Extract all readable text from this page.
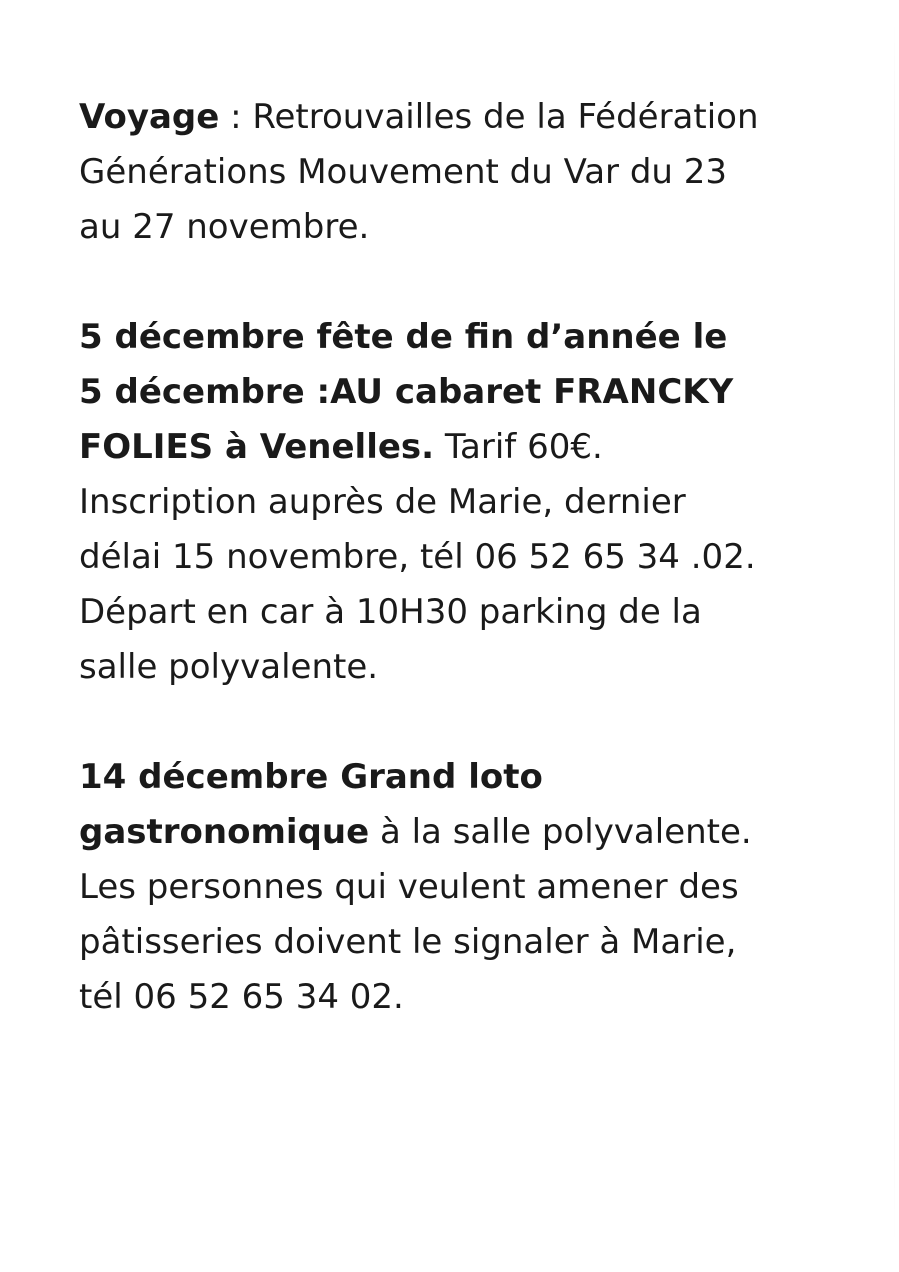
Voyage : Retrouvailles de la Fédération
Générations Mouvement du Var du 23
au 27 novembre.
5 décembre fête de fin d’année le
5 décembre :AU cabaret FRANCKY
FOLIES à Venelles. Tarif 60€.
Inscription auprès de Marie, dernier
délai 15 novembre, tél 06 52 65 34 .02.
Départ en car à 10H30 parking de la
salle polyvalente.
14 décembre Grand loto
gastronomique à la salle polyvalente.
Les personnes qui veulent amener des
pâtisseries doivent le signaler à Marie,
tél 06 52 65 34 02.
